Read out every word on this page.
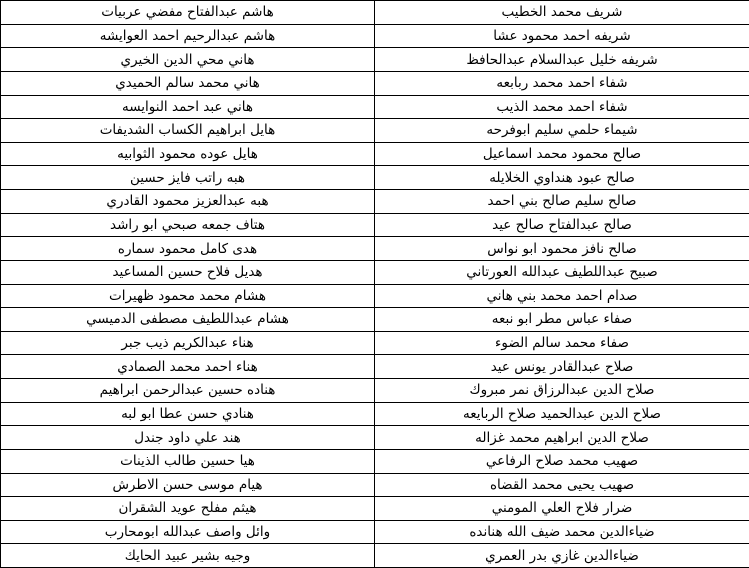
هاشم عبدالفتاح مفضي عربيات	شريف محمد الخطيب
هاشم عبدالرحيم احمد العوايشه	شريفه احمد محمود عشا
هاني محي الدين الخيري	شريفه خليل عبدالسلام عبدالحافظ
هاني محمد سالم الحميدي	شفاء احمد محمد ربابعه
هاني عبد احمد النوايسه	شفاء احمد محمد الذيب
هايل ابراهيم الكساب الشديفات	شيماء حلمي سليم ابوفرحه
هايل عوده محمود الثوابيه	صالح محمود محمد اسماعيل
هبه راتب فايز حسين	صالح عبود هنداوي الخلايله
هبه عبدالعزيز محمود القادري	صالح سليم صالح بني احمد
هتاف جمعه صبحي ابو راشد	صالح عبدالفتاح صالح عيد
هدى كامل محمود سماره	صالح نافز محمود ابو نواس
هديل فلاح حسين المساعيد	صبيح عبداللطيف عبدالله العورتاني
هشام محمد محمود ظهيرات	صدام احمد محمد بني هاني
هشام عبداللطيف مصطفى الدميسي	صفاء عباس مطر ابو نبعه
هناء عبدالكريم ذيب جبر	صفاء محمد سالم الضوء
هناء احمد محمد الصمادي	صلاح عبدالقادر يونس عيد
هناده حسين عبدالرحمن ابراهيم	صلاح الدين عبدالرزاق نمر مبروك
هنادي حسن عطا ابو لبه	صلاح الدين عبدالحميد صلاح الربايعه
هند علي داود جندل	صلاح الدين ابراهيم محمد غزاله
هيا حسين طالب الذينات	صهيب محمد صلاح الرفاعي
هيام موسى حسن الاطرش	صهيب يحيى محمد القضاه
هيثم مفلح عويد الشقران	ضرار فلاح العلي المومني
وائل واصف عبدالله ابومحارب	ضياءالدين محمد ضيف الله هنانده
وجيه بشير عبيد الحايك	ضياءالدين غازي بدر العمري
